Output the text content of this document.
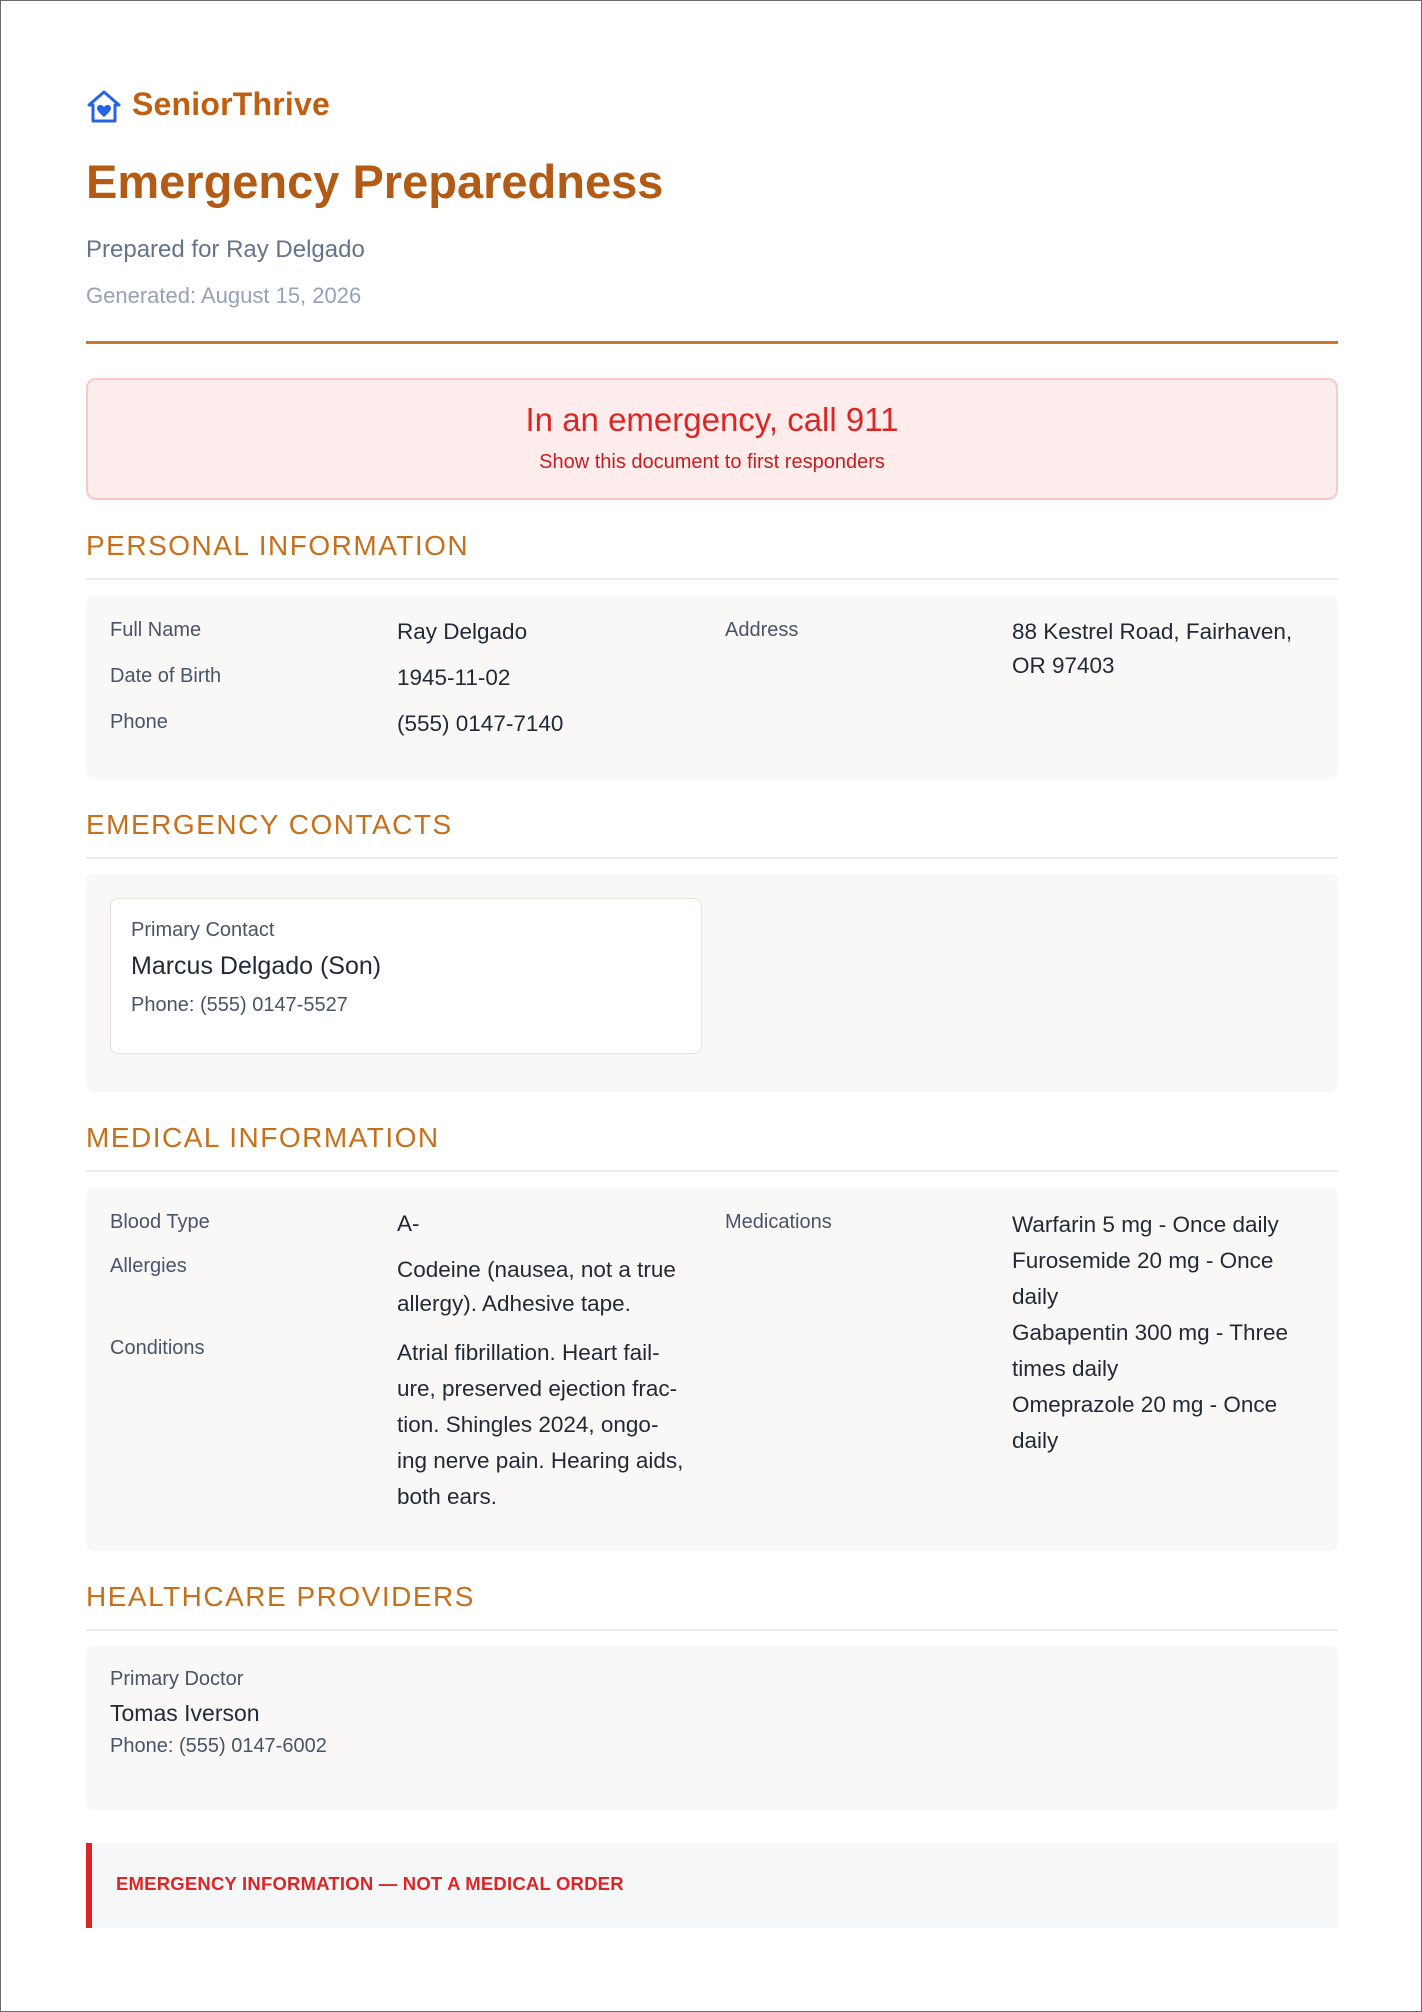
SeniorThrive
Emergency Preparedness
Prepared for Ray Delgado
Generated: August 15, 2026
In an emergency, call 911
Show this document to first responders
PERSONAL INFORMATION
Full Name
Date of Birth
Phone
Ray Delgado
1945-11-02
(555) 0147-7140
Address	88 Kestrel Road, Fairhaven,
OR 97403
EMERGENCY CONTACTS
Primary Contact
Marcus Delgado (Son)
Phone: (555) 0147-5527
MEDICAL INFORMATION
Blood Type
Allergies
Conditions
A-
Codeine (nausea, not a true
allergy). Adhesive tape.
Atrial fibrillation. Heart fail-
ure, preserved ejection frac-
tion. Shingles 2024, ongo-
ing nerve pain. Hearing aids,
both ears.
Medications	Warfarin 5 mg - Once daily
Furosemide 20 mg - Once
daily
Gabapentin 300 mg - Three
times daily
Omeprazole 20 mg - Once
daily
HEALTHCARE PROVIDERS
Primary Doctor
Tomas Iverson
Phone: (555) 0147-6002
EMERGENCY INFORMATION — NOT A MEDICAL ORDER
